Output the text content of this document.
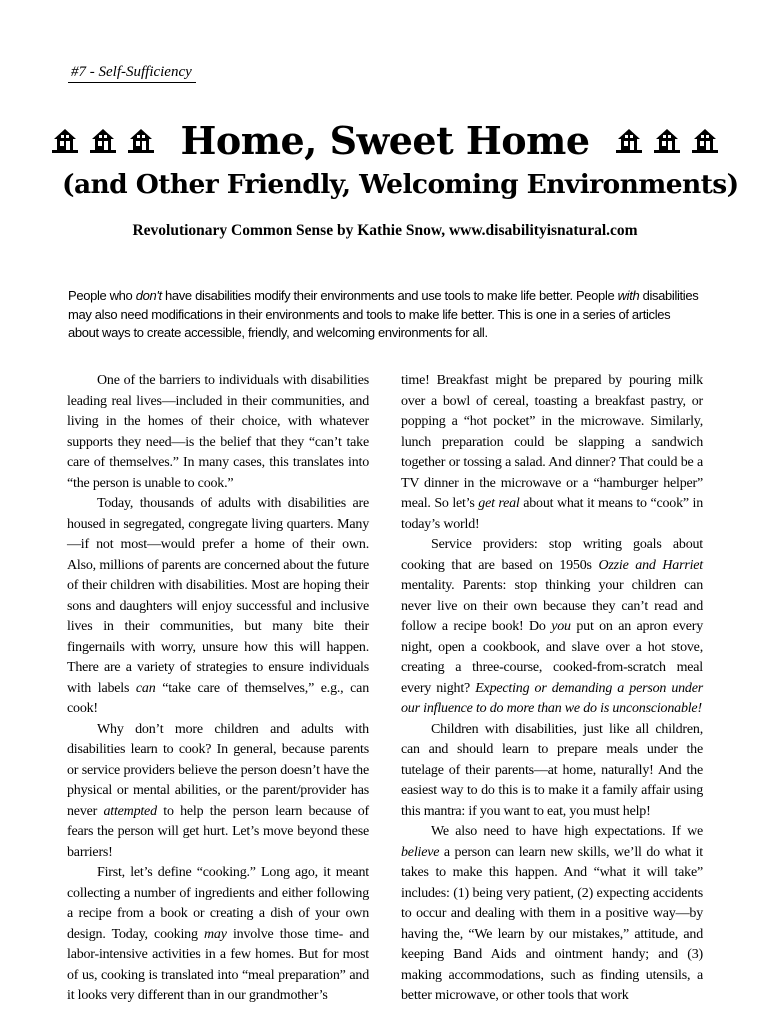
#7 - Self-Sufficiency
Home, Sweet Home
(and Other Friendly, Welcoming Environments)
Revolutionary Common Sense by Kathie Snow, www.disabilityisnatural.com
People who don't have disabilities modify their environments and use tools to make life better. People with disabilities may also need modifications in their environments and tools to make life better. This is one in a series of articles about ways to create accessible, friendly, and welcoming environments for all.

One of the barriers to individuals with disabilities leading real lives—included in their communities, and living in the homes of their choice, with whatever supports they need—is the belief that they “can’t take care of themselves.” In many cases, this translates into “the person is unable to cook.”

Today, thousands of adults with disabilities are housed in segregated, congregate living quarters. Many—if not most—would prefer a home of their own. Also, millions of parents are concerned about the future of their children with disabilities. Most are hoping their sons and daughters will enjoy successful and inclusive lives in their communities, but many bite their fingernails with worry, unsure how this will happen. There are a variety of strategies to ensure individuals with labels can “take care of themselves,” e.g., can cook!

Why don’t more children and adults with disabilities learn to cook? In general, because parents or service providers believe the person doesn’t have the physical or mental abilities, or the parent/provider has never attempted to help the person learn because of fears the person will get hurt. Let’s move beyond these barriers!

First, let’s define “cooking.” Long ago, it meant collecting a number of ingredients and either following a recipe from a book or creating a dish of your own design. Today, cooking may involve those time- and labor-intensive activities in a few homes. But for most of us, cooking is translated into “meal preparation” and it looks very different than in our grandmother’s

time! Breakfast might be prepared by pouring milk over a bowl of cereal, toasting a breakfast pastry, or popping a “hot pocket” in the microwave. Similarly, lunch preparation could be slapping a sandwich together or tossing a salad. And dinner? That could be a TV dinner in the microwave or a “hamburger helper” meal. So let’s get real about what it means to “cook” in today’s world!

Service providers: stop writing goals about cooking that are based on 1950s Ozzie and Harriet mentality. Parents: stop thinking your children can never live on their own because they can’t read and follow a recipe book! Do you put on an apron every night, open a cookbook, and slave over a hot stove, creating a three-course, cooked-from-scratch meal every night? Expecting or demanding a person under our influence to do more than we do is unconscionable!

Children with disabilities, just like all children, can and should learn to prepare meals under the tutelage of their parents—at home, naturally! And the easiest way to do this is to make it a family affair using this mantra: if you want to eat, you must help!

We also need to have high expectations. If we believe a person can learn new skills, we’ll do what it takes to make this happen. And “what it will take” includes: (1) being very patient, (2) expecting accidents to occur and dealing with them in a positive way—by having the, “We learn by our mistakes,” attitude, and keeping Band Aids and ointment handy; and (3) making accommodations, such as finding utensils, a better microwave, or other tools that work
